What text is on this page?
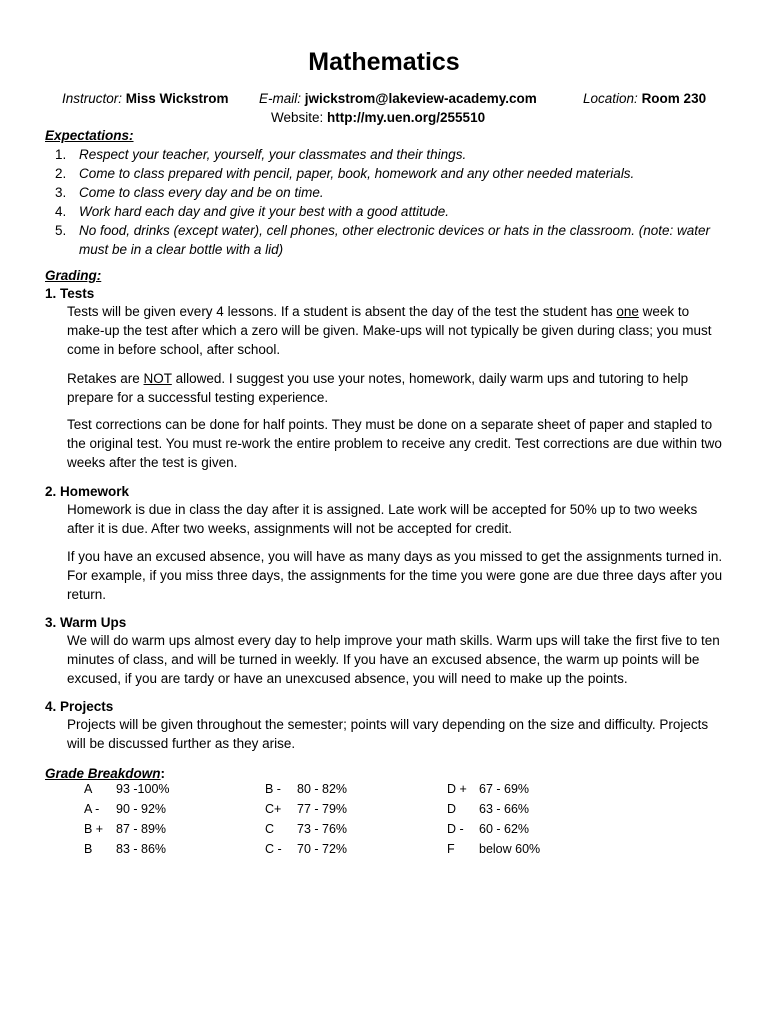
Mathematics
Instructor: Miss Wickstrom E-mail: jwickstrom@lakeview-academy.com	Location: Room 230
Website: http://my.uen.org/255510
Expectations:
1. Respect your teacher, yourself, your classmates and their things.
2. Come to class prepared with pencil, paper, book, homework and any other needed materials.
3. Come to class every day and be on time.
4. Work hard each day and give it your best with a good attitude.
5. No food, drinks (except water), cell phones, other electronic devices or hats in the classroom. (note: water must be in a clear bottle with a lid)
Grading:
1. Tests
Tests will be given every 4 lessons. If a student is absent the day of the test the student has one week to make-up the test after which a zero will be given. Make-ups will not typically be given during class; you must come in before school, after school.
Retakes are NOT allowed. I suggest you use your notes, homework, daily warm ups and tutoring to help prepare for a successful testing experience.
Test corrections can be done for half points. They must be done on a separate sheet of paper and stapled to the original test. You must re-work the entire problem to receive any credit. Test corrections are due within two weeks after the test is given.
2. Homework
Homework is due in class the day after it is assigned. Late work will be accepted for 50% up to two weeks after it is due. After two weeks, assignments will not be accepted for credit.
If you have an excused absence, you will have as many days as you missed to get the assignments turned in. For example, if you miss three days, the assignments for the time you were gone are due three days after you return.
3. Warm Ups
We will do warm ups almost every day to help improve your math skills. Warm ups will take the first five to ten minutes of class, and will be turned in weekly. If you have an excused absence, the warm up points will be excused, if you are tardy or have an unexcused absence, you will need to make up the points.
4. Projects
Projects will be given throughout the semester; points will vary depending on the size and difficulty. Projects will be discussed further as they arise.
Grade Breakdown:
A 93 -100%
A - 90 - 92%
B + 87 - 89%
B 83 - 86%
B - 80 - 82%
C+ 77 - 79%
C 73 - 76%
C - 70 - 72%
D + 67 - 69%
D 63 - 66%
D - 60 - 62%
F below 60%
